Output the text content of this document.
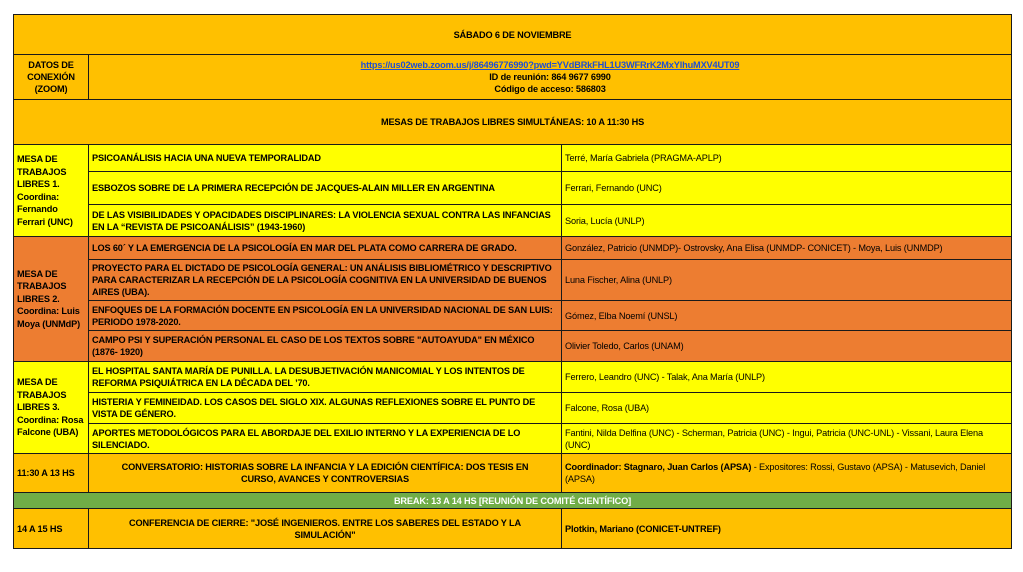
SÁBADO 6 DE NOVIEMBRE		
DATOS DE CONEXIÓN (ZOOM)	https://us02web.zoom.us/j/86496776990?pwd=YVdBRkFHL1U3WFRrK2MxYlhuMXV4UT09
ID de reunión: 864 9677 6990
Código de acceso: 586803	

MESAS DE TRABAJOS LIBRES SIMULTÁNEAS: 10 A 11:30 HS		
MESA DE TRABAJOS LIBRES 1. Coordina: Fernando Ferrari (UNC)	PSICOANÁLISIS HACIA UNA NUEVA TEMPORALIDAD	Terré, María Gabriela (PRAGMA-APLP)
	ESBOZOS SOBRE DE LA PRIMERA RECEPCIÓN DE JACQUES-ALAIN MILLER EN ARGENTINA	Ferrari, Fernando (UNC)
	DE LAS VISIBILIDADES Y OPACIDADES DISCIPLINARES: LA VIOLENCIA SEXUAL CONTRA LAS INFANCIAS EN LA “REVISTA DE PSICOANÁLISIS” (1943-1960)	Soria, Lucía (UNLP)
MESA DE TRABAJOS LIBRES 2. Coordina: Luis Moya (UNMdP)	LOS 60´ Y LA EMERGENCIA DE LA PSICOLOGÍA EN MAR DEL PLATA COMO CARRERA DE GRADO.	González, Patricio (UNMDP)- Ostrovsky, Ana Elisa (UNMDP- CONICET) - Moya, Luis (UNMDP)
	PROYECTO PARA EL DICTADO DE PSICOLOGÍA GENERAL: UN ANÁLISIS BIBLIOMÉTRICO Y DESCRIPTIVO PARA CARACTERIZAR LA RECEPCIÓN DE LA PSICOLOGÍA COGNITIVA EN LA UNIVERSIDAD DE BUENOS AIRES (UBA).	Luna Fischer, Alina (UNLP)
	ENFOQUES DE LA FORMACIÓN DOCENTE EN PSICOLOGÍA EN LA UNIVERSIDAD NACIONAL DE SAN LUIS: PERIODO 1978-2020.	Gómez, Elba Noemí (UNSL)
	CAMPO PSI Y SUPERACIÓN PERSONAL EL CASO DE LOS TEXTOS SOBRE "AUTOAYUDA" EN MÉXICO (1876- 1920)	Olivier Toledo, Carlos (UNAM)
MESA DE TRABAJOS LIBRES 3. Coordina: Rosa Falcone (UBA)	EL HOSPITAL SANTA MARÍA DE PUNILLA. LA DESUBJETIVACIÓN MANICOMIAL Y LOS INTENTOS DE REFORMA PSIQUIÁTRICA EN LA DÉCADA DEL ’70.	Ferrero, Leandro (UNC) - Talak, Ana María (UNLP)
	HISTERIA Y FEMINEIDAD. LOS CASOS DEL SIGLO XIX. ALGUNAS REFLEXIONES SOBRE EL PUNTO DE VISTA DE GÉNERO.	Falcone, Rosa (UBA)
	APORTES METODOLÓGICOS PARA EL ABORDAJE DEL EXILIO INTERNO Y LA EXPERIENCIA DE LO SILENCIADO.	Fantini, Nilda Delfina (UNC) - Scherman, Patricia (UNC) - Ingui, Patricia (UNC-UNL) - Vissani, Laura Elena (UNC)
11:30 A 13 HS	CONVERSATORIO: HISTORIAS SOBRE LA INFANCIA Y LA EDICIÓN CIENTÍFICA: DOS TESIS EN CURSO, AVANCES Y CONTROVERSIAS	Coordinador: Stagnaro, Juan Carlos (APSA) - Expositores: Rossi, Gustavo (APSA) - Matusevich, Daniel (APSA)
BREAK: 13 A 14 HS [REUNIÓN DE COMITÉ CIENTÍFICO]		
14 A 15 HS	CONFERENCIA DE CIERRE: "JOSÉ INGENIEROS. ENTRE LOS SABERES DEL ESTADO Y LA SIMULACIÓN"	Plotkin, Mariano (CONICET-UNTREF)
